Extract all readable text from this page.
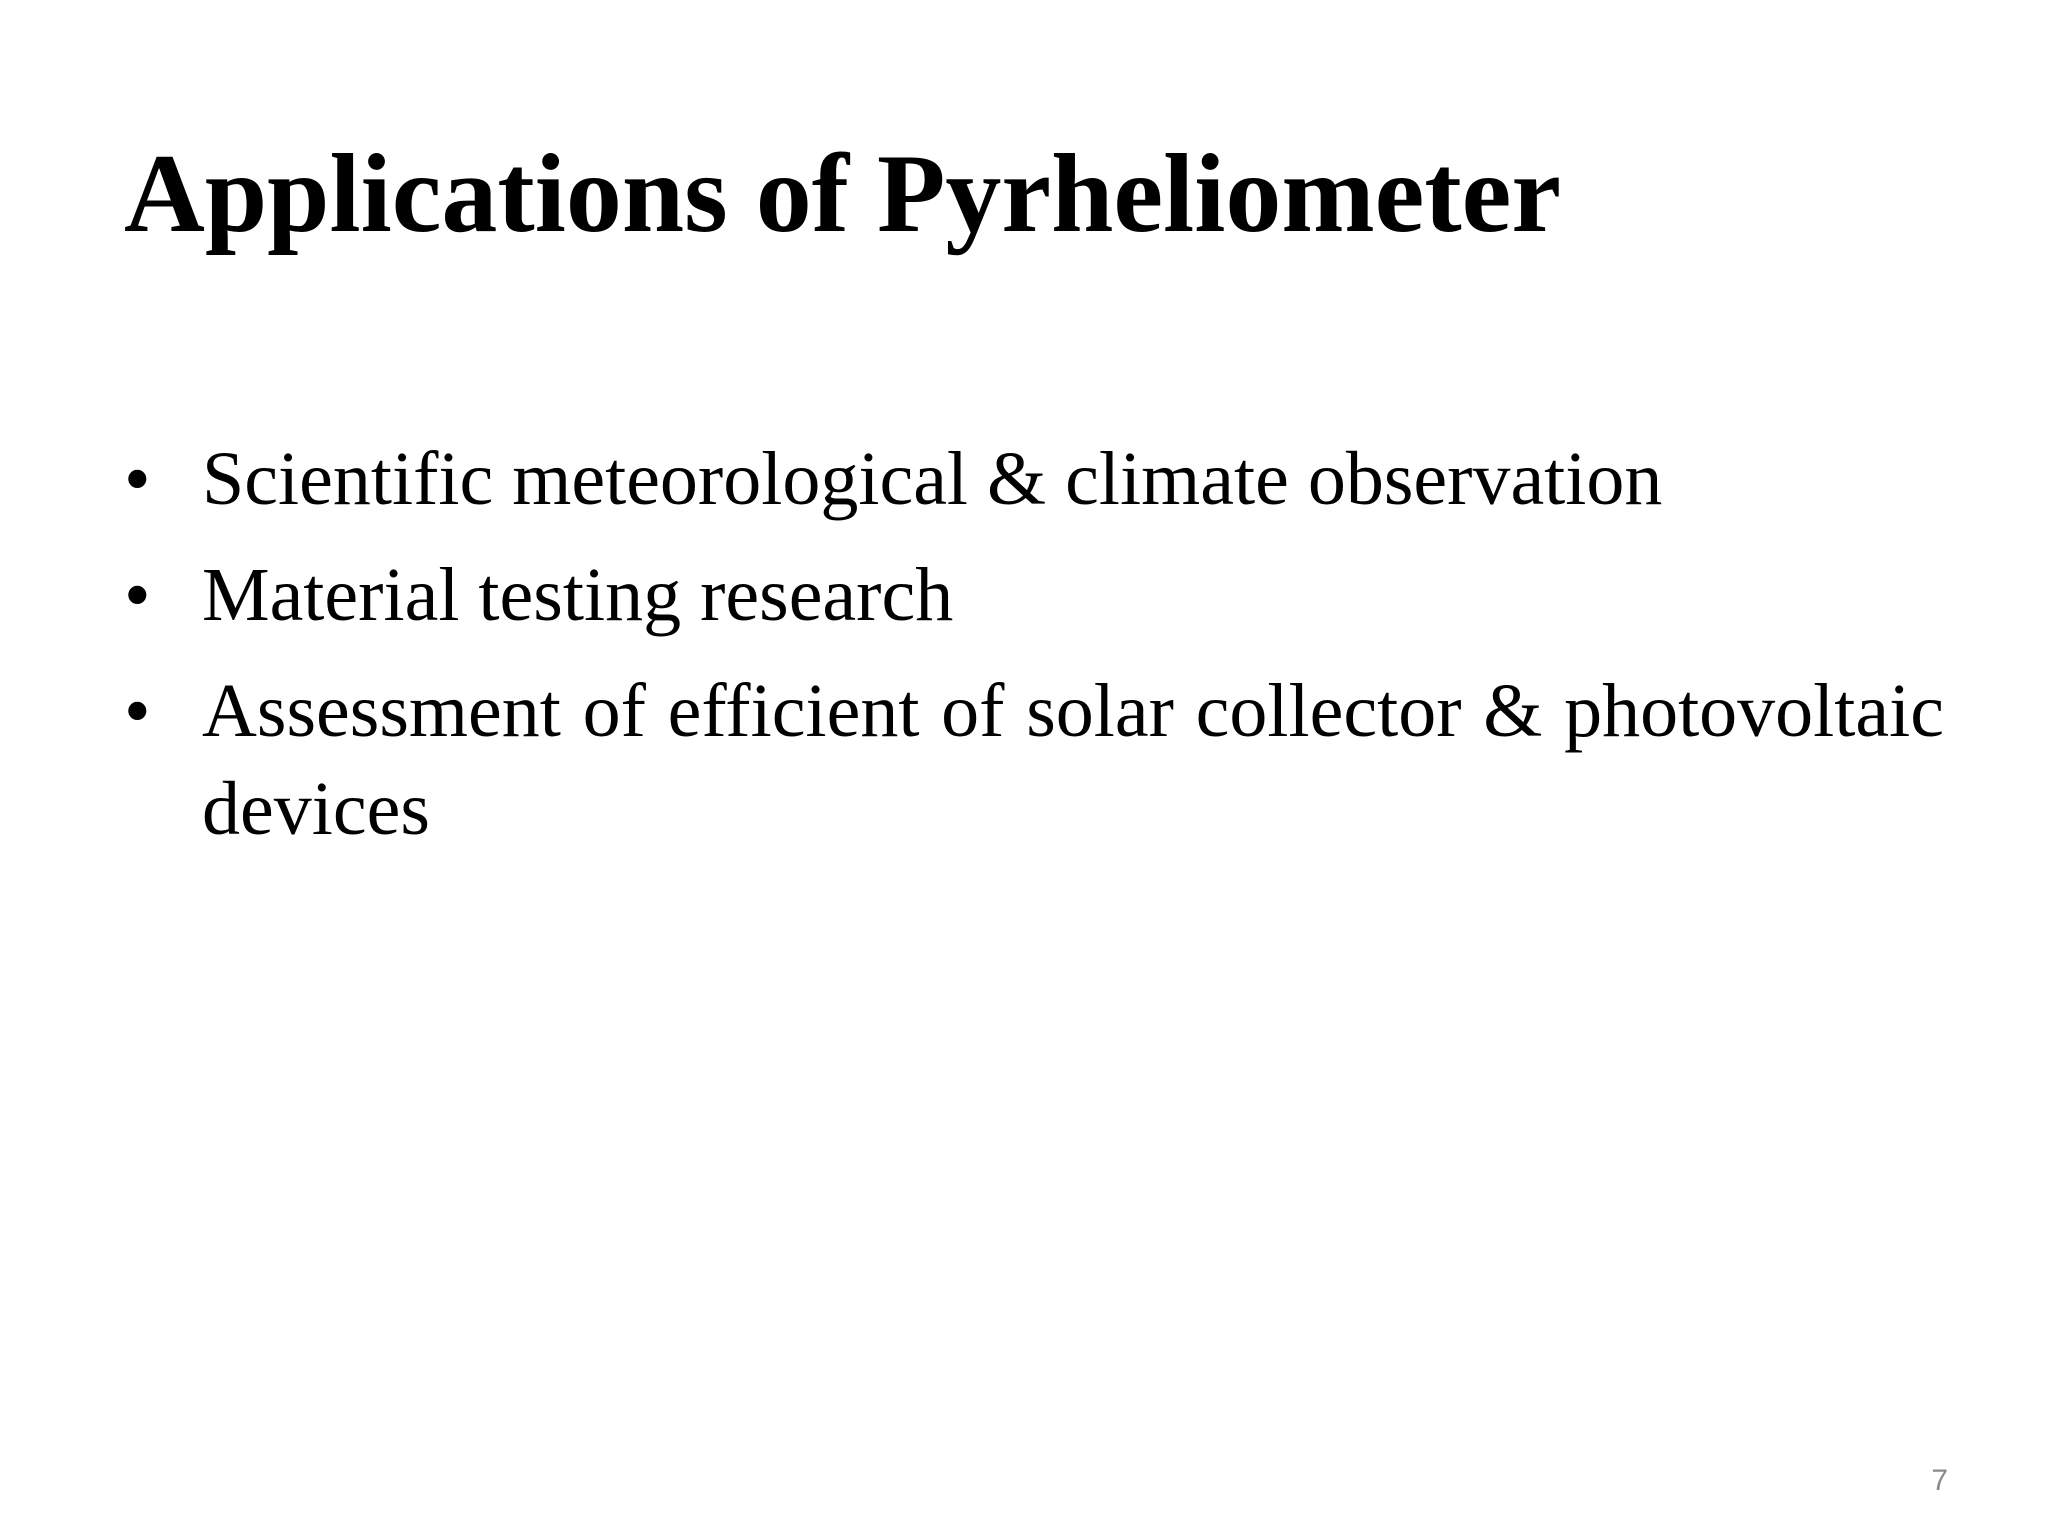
Applications of Pyrheliometer
• Scientific meteorological & climate observation
• Material testing research
• Assessment of efficient of solar collector & photovoltaic devices
7
